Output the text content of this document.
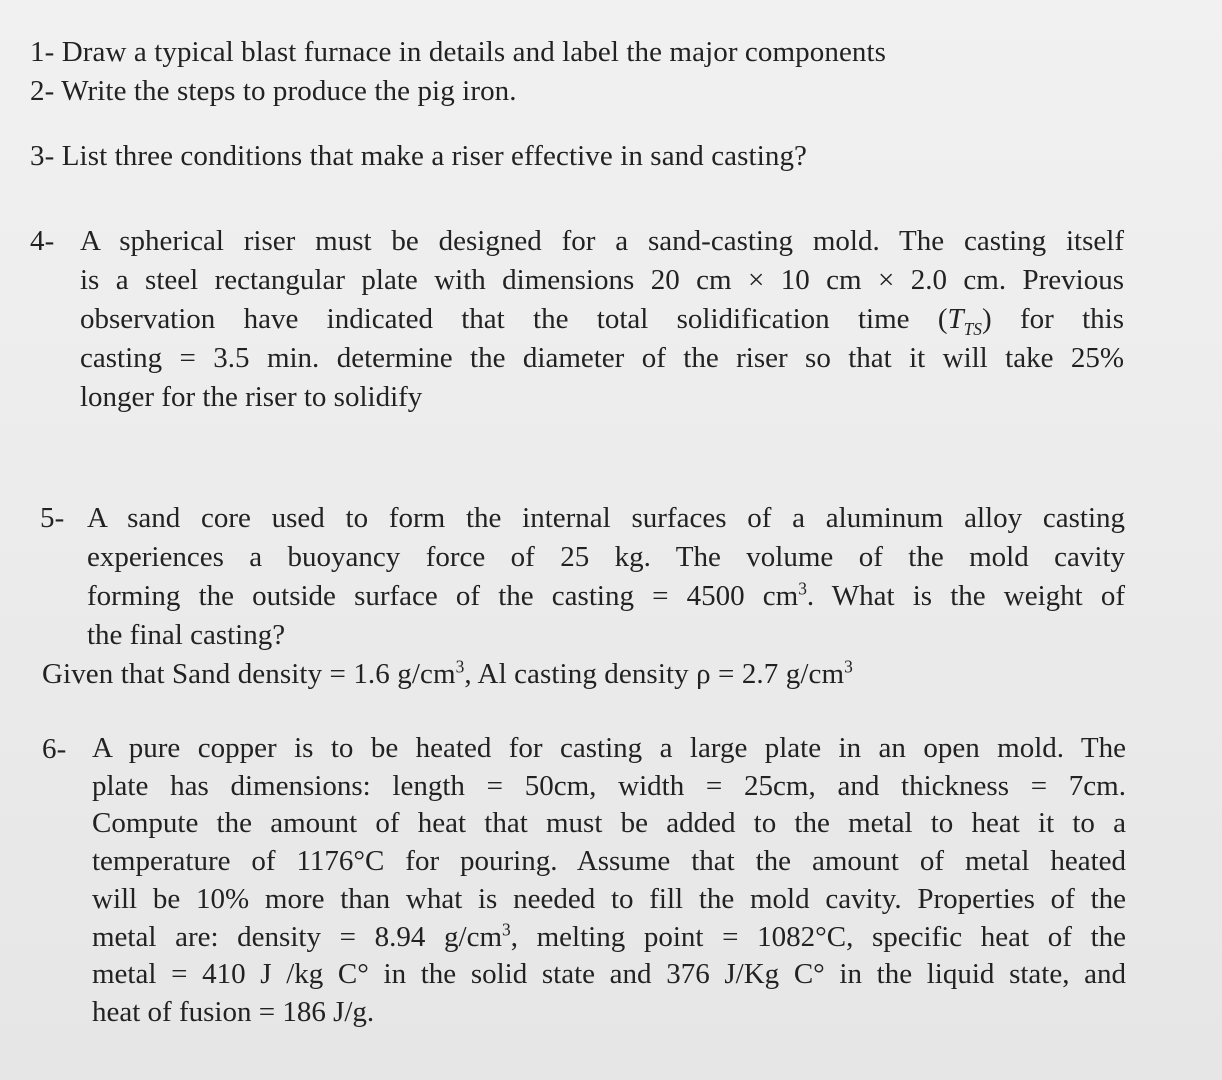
1- Draw a typical blast furnace in details and label the major components
2- Write the steps to produce the pig iron.
3- List three conditions that make a riser effective in sand casting?
4- A spherical riser must be designed for a sand-casting mold. The casting itself
is a steel rectangular plate with dimensions 20 cm × 10 cm × 2.0 cm. Previous
observation have indicated that the total solidification time $(T_{TS})$ for this
casting = 3.5 min. determine the diameter of the riser so that it will take 25%
longer for the riser to solidify
5- A sand core used to form the internal surfaces of a aluminum alloy casting
experiences a buoyancy force of 25 kg. The volume of the mold cavity
forming the outside surface of the casting = 4500 $cm^3$. What is the weight of
the final casting?
Given that Sand density = 1.6 $g/cm^3$, Al casting density ρ = 2.7 $g/cm^3$
6- A pure copper is to be heated for casting a large plate in an open mold. The
plate has dimensions: length = 50cm, width = 25cm, and thickness = 7cm.
Compute the amount of heat that must be added to the metal to heat it to a
temperature of 1176°C for pouring. Assume that the amount of metal heated
will be 10% more than what is needed to fill the mold cavity. Properties of the
metal are: density = 8.94 $g/cm^3$, melting point = 1082°C, specific heat of the
metal = 410 J /kg C° in the solid state and 376 J/Kg C° in the liquid state, and
heat of fusion = 186 J/g.
